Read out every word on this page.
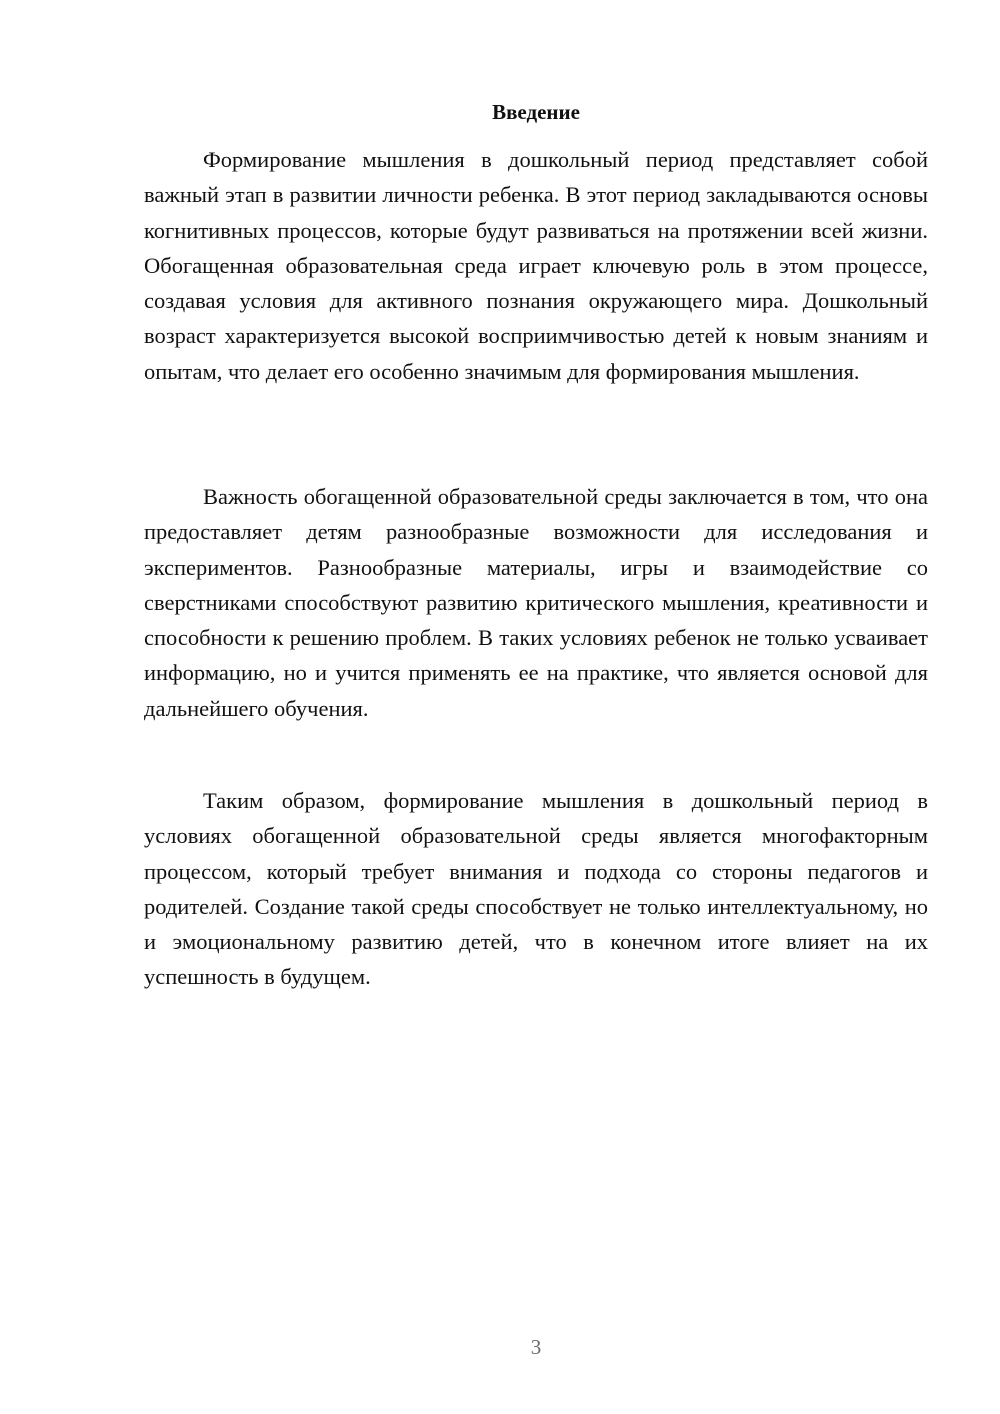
Введение

Формирование мышления в дошкольный период представляет собой важный этап в развитии личности ребенка. В этот период закладываются основы когнитивных процессов, которые будут развиваться на протяжении всей жизни. Обогащенная образовательная среда играет ключевую роль в этом процессе, создавая условия для активного познания окружающего мира. Дошкольный возраст характеризуется высокой восприимчивостью детей к новым знаниям и опытам, что делает его особенно значимым для формирования мышления.

Важность обогащенной образовательной среды заключается в том, что она предоставляет детям разнообразные возможности для исследования и экспериментов. Разнообразные материалы, игры и взаимодействие со сверстниками способствуют развитию критического мышления, креативности и способности к решению проблем. В таких условиях ребенок не только усваивает информацию, но и учится применять ее на практике, что является основой для дальнейшего обучения.

Таким образом, формирование мышления в дошкольный период в условиях обогащенной образовательной среды является многофакторным процессом, который требует внимания и подхода со стороны педагогов и родителей. Создание такой среды способствует не только интеллектуальному, но и эмоциональному развитию детей, что в конечном итоге влияет на их успешность в будущем.

3
